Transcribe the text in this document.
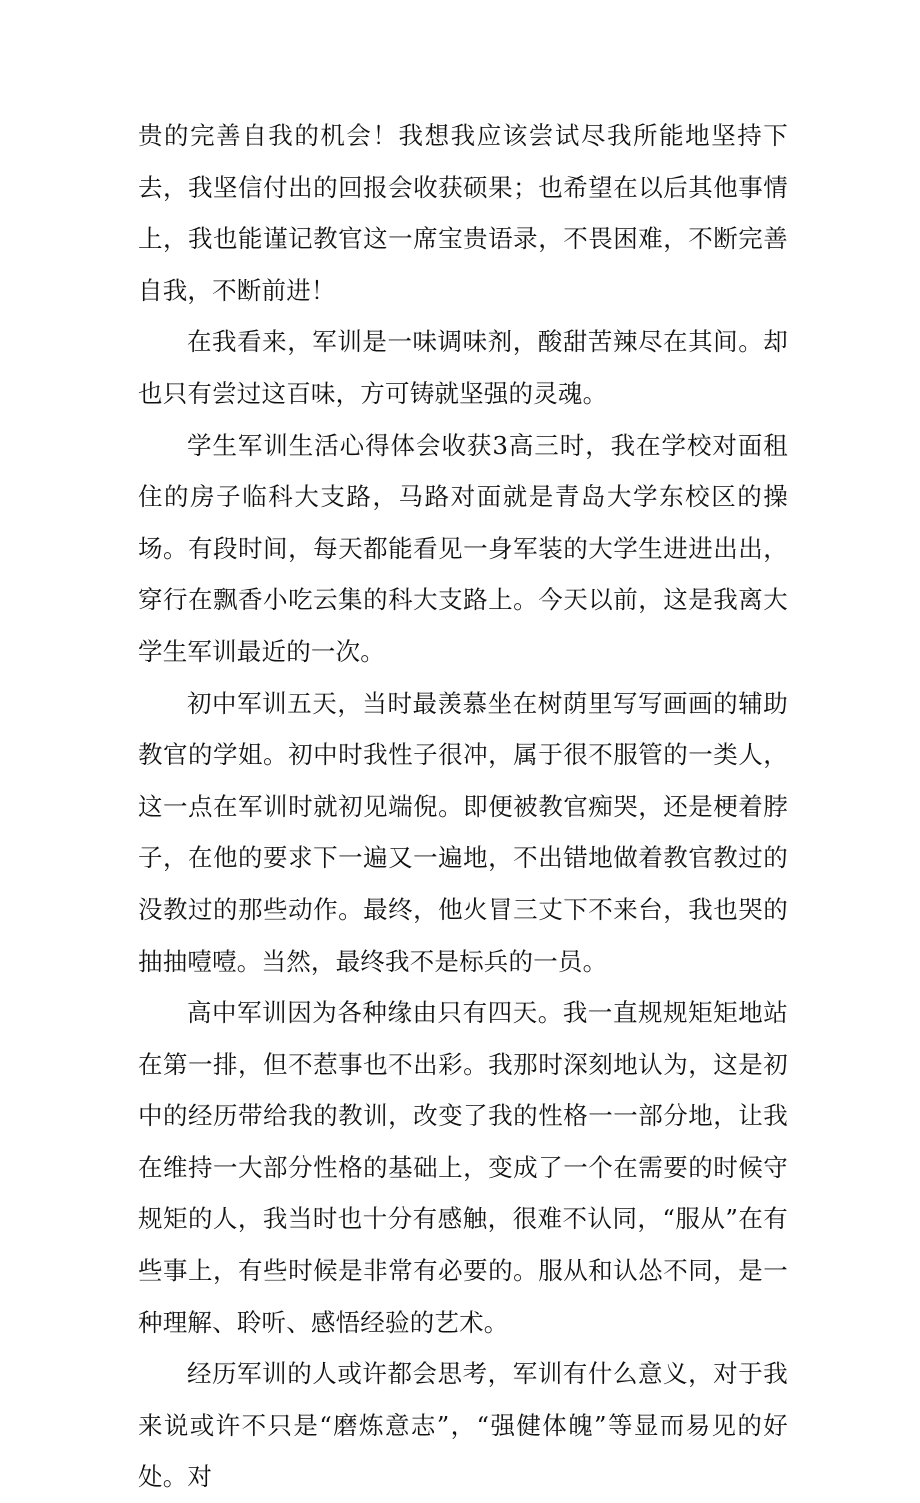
贵的完善自我的机会！我想我应该尝试尽我所能地坚持下去，我坚信付出的回报会收获硕果；也希望在以后其他事情上，我也能谨记教官这一席宝贵语录，不畏困难，不断完善自我，不断前进！

在我看来，军训是一味调味剂，酸甜苦辣尽在其间。却也只有尝过这百味，方可铸就坚强的灵魂。

学生军训生活心得体会收获3高三时，我在学校对面租住的房子临科大支路，马路对面就是青岛大学东校区的操场。有段时间，每天都能看见一身军装的大学生进进出出，穿行在飘香小吃云集的科大支路上。今天以前，这是我离大学生军训最近的一次。

初中军训五天，当时最羡慕坐在树荫里写写画画的辅助教官的学姐。初中时我性子很冲，属于很不服管的一类人，这一点在军训时就初见端倪。即便被教官痴哭，还是梗着脖子，在他的要求下一遍又一遍地，不出错地做着教官教过的没教过的那些动作。最终，他火冒三丈下不来台，我也哭的抽抽噎噎。当然，最终我不是标兵的一员。

高中军训因为各种缘由只有四天。我一直规规矩矩地站在第一排，但不惹事也不出彩。我那时深刻地认为，这是初中的经历带给我的教训，改变了我的性格一一部分地，让我在维持一大部分性格的基础上，变成了一个在需要的时候守规矩的人，我当时也十分有感触，很难不认同，“服从”在有些事上，有些时候是非常有必要的。服从和认怂不同，是一种理解、聆听、感悟经验的艺术。

经历军训的人或许都会思考，军训有什么意义，对于我来说或许不只是“磨炼意志”，“强健体魄”等显而易见的好处。对
